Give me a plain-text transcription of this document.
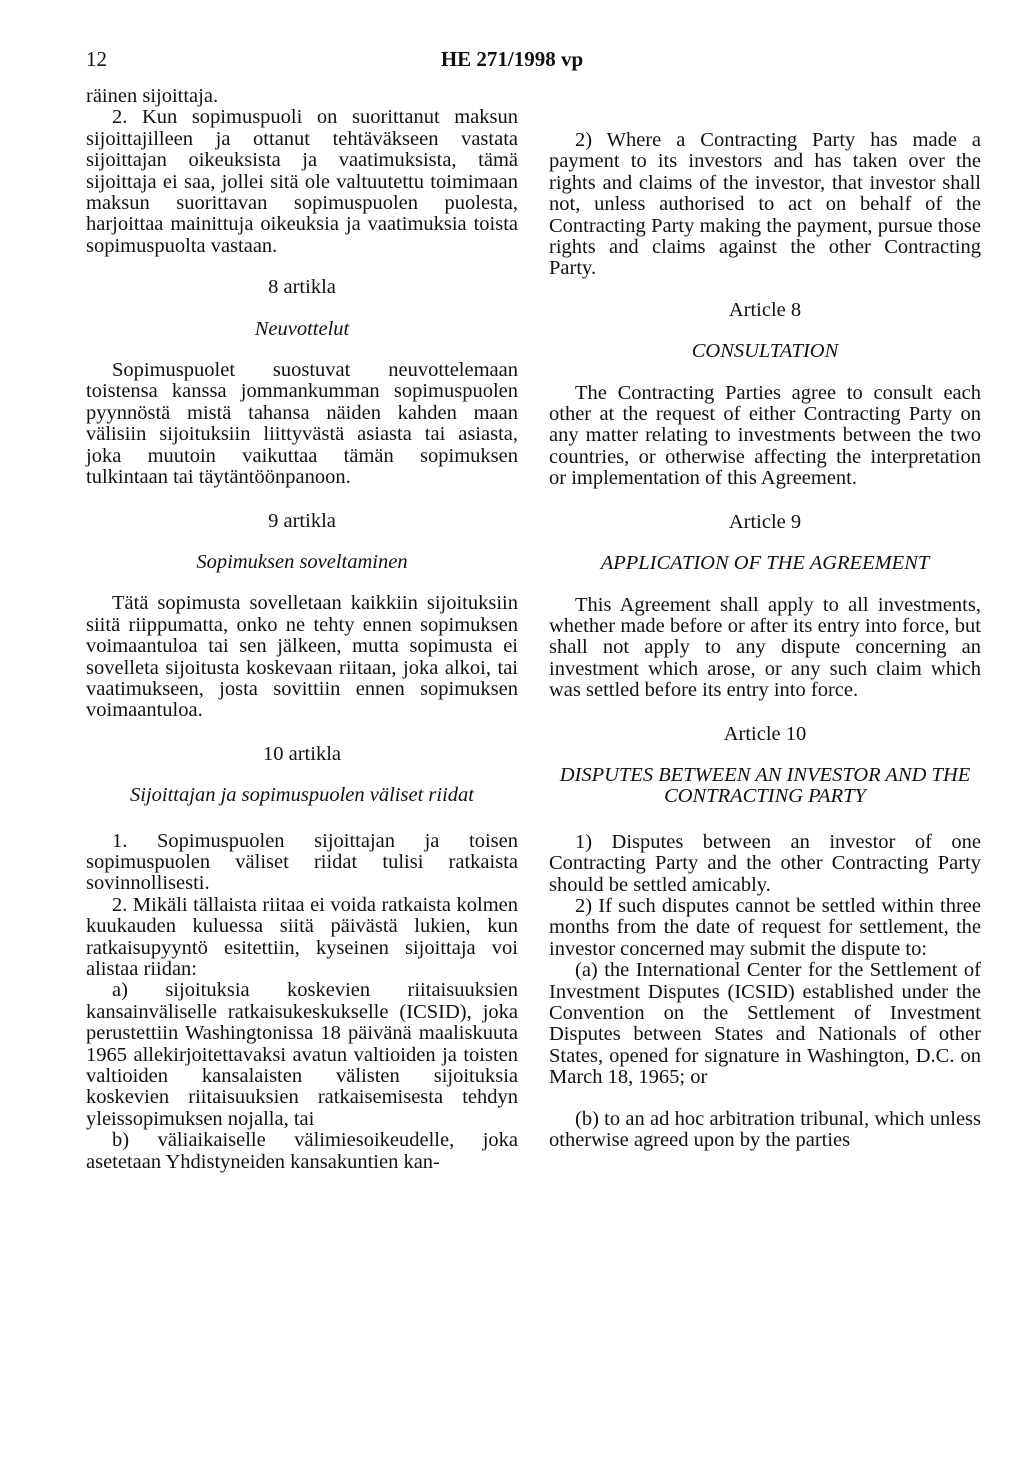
12	HE 271/1998 vp

räinen sijoittaja.

2. Kun sopimuspuoli on suorittanut maksun sijoittajilleen ja ottanut tehtäväkseen vastata sijoittajan oikeuksista ja vaatimuksista, tämä sijoittaja ei saa, jollei sitä ole valtuutettu toimimaan maksun suorittavan sopimuspuolen puolesta, harjoittaa mainittuja oikeuksia ja vaatimuksia toista sopimuspuolta vastaan.

8 artikla

Neuvottelut

Sopimuspuolet suostuvat neuvottelemaan toistensa kanssa jommankumman sopimuspuolen pyynnöstä mistä tahansa näiden kahden maan välisiin sijoituksiin liittyvästä asiasta tai asiasta, joka muutoin vaikuttaa tämän sopimuksen tulkintaan tai täytäntöönpanoon.

9 artikla

Sopimuksen soveltaminen

Tätä sopimusta sovelletaan kaikkiin sijoituksiin siitä riippumatta, onko ne tehty ennen sopimuksen voimaantuloa tai sen jälkeen, mutta sopimusta ei sovelleta sijoitusta koskevaan riitaan, joka alkoi, tai vaatimukseen, josta sovittiin ennen sopimuksen voimaantuloa.

10 artikla

Sijoittajan ja sopimuspuolen väliset riidat

1. Sopimuspuolen sijoittajan ja toisen sopimuspuolen väliset riidat tulisi ratkaista sovinnollisesti.

2. Mikäli tällaista riitaa ei voida ratkaista kolmen kuukauden kuluessa siitä päivästä lukien, kun ratkaisupyyntö esitettiin, kyseinen sijoittaja voi alistaa riidan:

a) sijoituksia koskevien riitaisuuksien kansainväliselle ratkaisukeskukselle (ICSID), joka perustettiin Washingtonissa 18 päivänä maaliskuuta 1965 allekirjoitettavaksi avatun valtioiden ja toisten valtioiden kansalaisten välisten sijoituksia koskevien riitaisuuksien ratkaisemisesta tehdyn yleissopimuksen nojalla, tai

b) väliaikaiselle välimiesoikeudelle, joka asetetaan Yhdistyneiden kansakuntien kan-

2) Where a Contracting Party has made a payment to its investors and has taken over the rights and claims of the investor, that investor shall not, unless authorised to act on behalf of the Contracting Party making the payment, pursue those rights and claims against the other Contracting Party.

Article 8

CONSULTATION

The Contracting Parties agree to consult each other at the request of either Contracting Party on any matter relating to investments between the two countries, or otherwise affecting the interpretation or implementation of this Agreement.

Article 9

APPLICATION OF THE AGREEMENT

This Agreement shall apply to all investments, whether made before or after its entry into force, but shall not apply to any dispute concerning an investment which arose, or any such claim which was settled before its entry into force.

Article 10

DISPUTES BETWEEN AN INVESTOR AND THE CONTRACTING PARTY

1) Disputes between an investor of one Contracting Party and the other Contracting Party should be settled amicably.

2) If such disputes cannot be settled within three months from the date of request for settlement, the investor concerned may submit the dispute to:

(a) the International Center for the Settlement of Investment Disputes (ICSID) established under the Convention on the Settlement of Investment Disputes between States and Nationals of other States, opened for signature in Washington, D.C. on March 18, 1965; or

(b) to an ad hoc arbitration tribunal, which unless otherwise agreed upon by the parties
